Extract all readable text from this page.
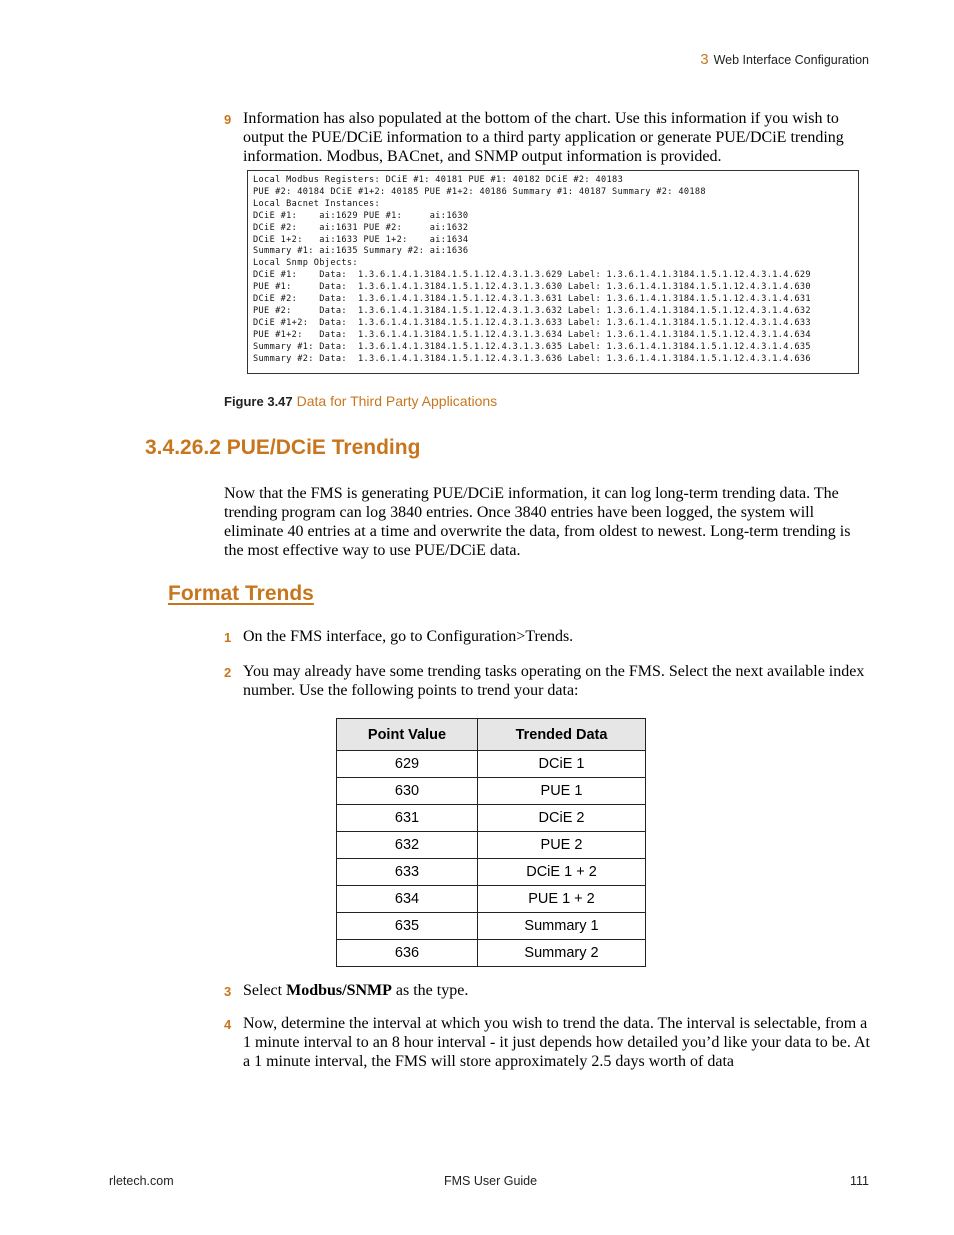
3 Web Interface Configuration
9 Information has also populated at the bottom of the chart. Use this information if you wish to output the PUE/DCiE information to a third party application or generate PUE/DCiE trending information. Modbus, BACnet, and SNMP output information is provided.
Local Modbus Registers: DCiE #1: 40181 PUE #1: 40182 DCiE #2: 40183
PUE #2: 40184 DCiE #1+2: 40185 PUE #1+2: 40186 Summary #1: 40187 Summary #2: 40188
Local Bacnet Instances:
DCiE #1:    ai:1629 PUE #1:     ai:1630
DCiE #2:    ai:1631 PUE #2:     ai:1632
DCiE 1+2:   ai:1633 PUE 1+2:    ai:1634
Summary #1: ai:1635 Summary #2: ai:1636
Local Snmp Objects:
DCiE #1:    Data:  1.3.6.1.4.1.3184.1.5.1.12.4.3.1.3.629 Label: 1.3.6.1.4.1.3184.1.5.1.12.4.3.1.4.629
PUE #1:     Data:  1.3.6.1.4.1.3184.1.5.1.12.4.3.1.3.630 Label: 1.3.6.1.4.1.3184.1.5.1.12.4.3.1.4.630
DCiE #2:    Data:  1.3.6.1.4.1.3184.1.5.1.12.4.3.1.3.631 Label: 1.3.6.1.4.1.3184.1.5.1.12.4.3.1.4.631
PUE #2:     Data:  1.3.6.1.4.1.3184.1.5.1.12.4.3.1.3.632 Label: 1.3.6.1.4.1.3184.1.5.1.12.4.3.1.4.632
DCiE #1+2:  Data:  1.3.6.1.4.1.3184.1.5.1.12.4.3.1.3.633 Label: 1.3.6.1.4.1.3184.1.5.1.12.4.3.1.4.633
PUE #1+2:   Data:  1.3.6.1.4.1.3184.1.5.1.12.4.3.1.3.634 Label: 1.3.6.1.4.1.3184.1.5.1.12.4.3.1.4.634
Summary #1: Data:  1.3.6.1.4.1.3184.1.5.1.12.4.3.1.3.635 Label: 1.3.6.1.4.1.3184.1.5.1.12.4.3.1.4.635
Summary #2: Data:  1.3.6.1.4.1.3184.1.5.1.12.4.3.1.3.636 Label: 1.3.6.1.4.1.3184.1.5.1.12.4.3.1.4.636
Figure 3.47 Data for Third Party Applications
3.4.26.2 PUE/DCiE Trending
Now that the FMS is generating PUE/DCiE information, it can log long-term trending data. The trending program can log 3840 entries. Once 3840 entries have been logged, the system will eliminate 40 entries at a time and overwrite the data, from oldest to newest. Long-term trending is the most effective way to use PUE/DCiE data.
Format Trends
1 On the FMS interface, go to Configuration>Trends.
2 You may already have some trending tasks operating on the FMS. Select the next available index number. Use the following points to trend your data:
Point Value	Trended Data
629	DCiE 1
630	PUE 1
631	DCiE 2
632	PUE 2
633	DCiE 1 + 2
634	PUE 1 + 2
635	Summary 1
636	Summary 2
3 Select Modbus/SNMP as the type.
4 Now, determine the interval at which you wish to trend the data. The interval is selectable, from a 1 minute interval to an 8 hour interval - it just depends how detailed you’d like your data to be. At a 1 minute interval, the FMS will store approximately 2.5 days worth of data
rletech.com	FMS User Guide	111
